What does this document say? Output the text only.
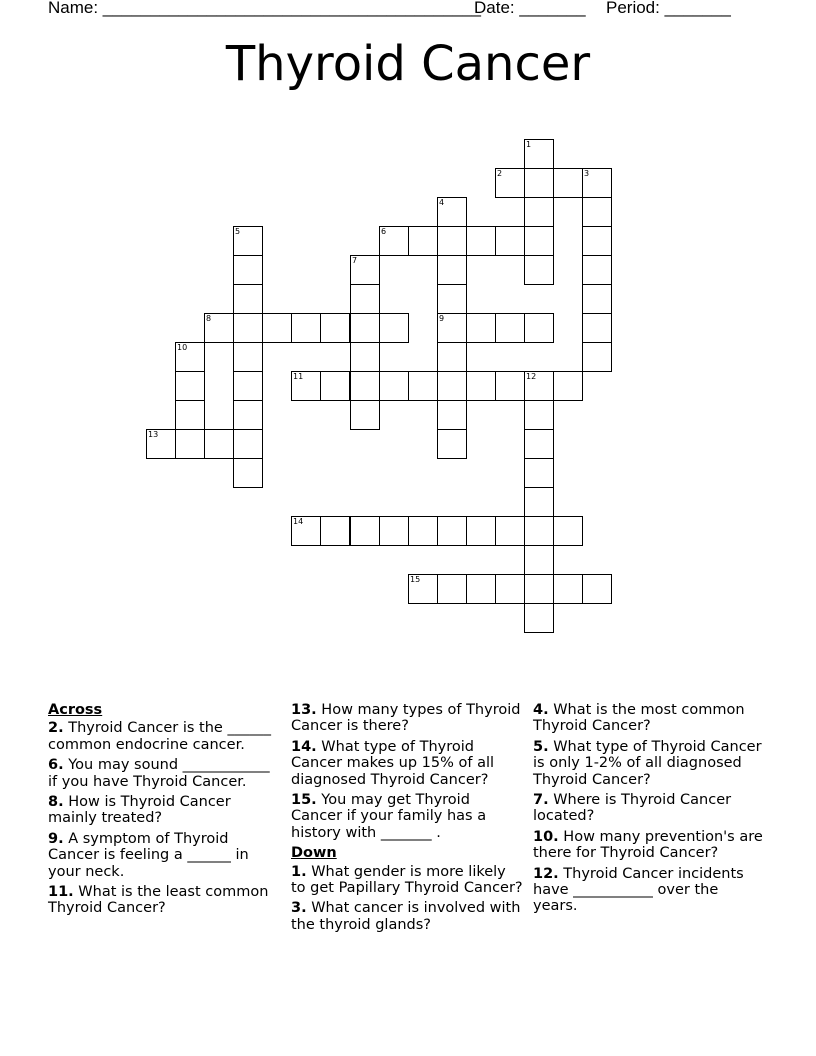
Name: ________________________________________
Date: _______ Period: _______
Thyroid Cancer
1
2	3
4
5	6
7
8	9
10
11	12
13
14
15
Across
2. Thyroid Cancer is the ______ common endocrine cancer.
6. You may sound ____________ if you have Thyroid Cancer.
8. How is Thyroid Cancer mainly treated?
9. A symptom of Thyroid Cancer is feeling a ______ in your neck.
11. What is the least common Thyroid Cancer?
13. How many types of Thyroid Cancer is there?
14. What type of Thyroid Cancer makes up 15% of all diagnosed Thyroid Cancer?
15. You may get Thyroid Cancer if your family has a history with _______ .
Down
1. What gender is more likely to get Papillary Thyroid Cancer?
3. What cancer is involved with the thyroid glands?
4. What is the most common Thyroid Cancer?
5. What type of Thyroid Cancer is only 1-2% of all diagnosed Thyroid Cancer?
7. Where is Thyroid Cancer located?
10. How many prevention's are there for Thyroid Cancer?
12. Thyroid Cancer incidents have ___________ over the years.
